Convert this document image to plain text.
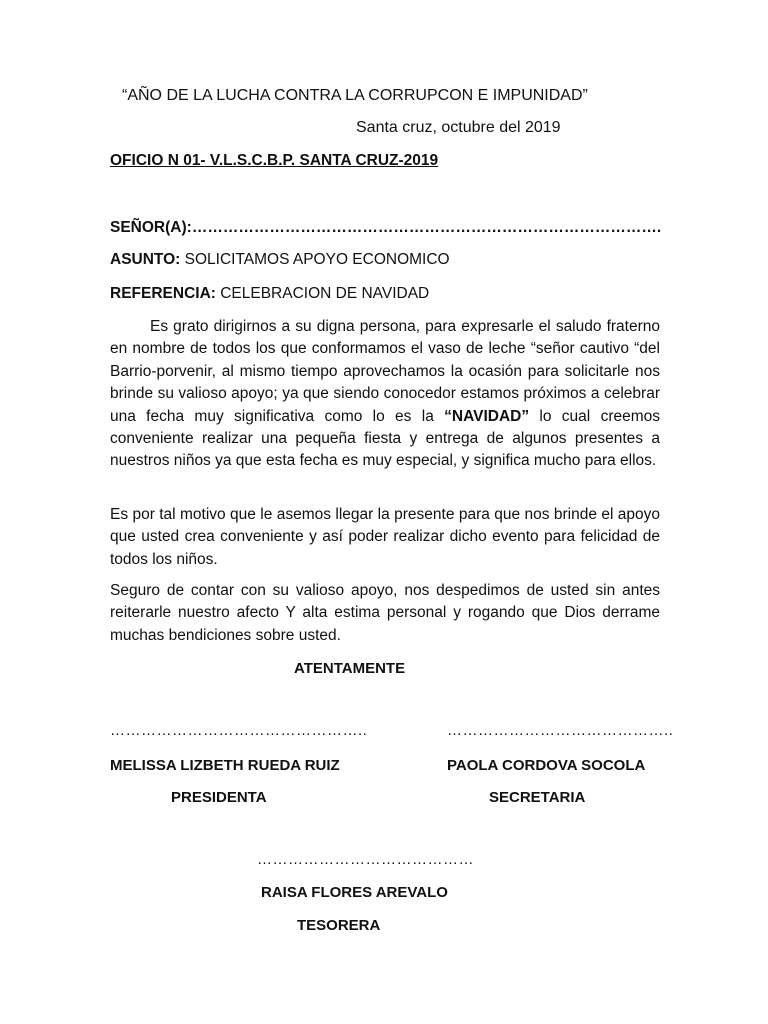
“AÑO DE LA LUCHA CONTRA LA CORRUPCON E IMPUNIDAD”
Santa cruz, octubre del 2019
OFICIO N 01- V.L.S.C.B.P. SANTA CRUZ-2019
SEÑOR(A):……………………………………………………………………………….
ASUNTO: SOLICITAMOS APOYO ECONOMICO
REFERENCIA: CELEBRACION DE NAVIDAD
Es grato dirigirnos a su digna persona, para expresarle el saludo fraterno en nombre de todos los que conformamos el vaso de leche “señor cautivo “del Barrio-porvenir, al mismo tiempo aprovechamos la ocasión para solicitarle nos brinde su valioso apoyo; ya que siendo conocedor estamos próximos a celebrar una fecha muy significativa como lo es la “NAVIDAD” lo cual creemos conveniente realizar una pequeña fiesta y entrega de algunos presentes a nuestros niños ya que esta fecha es muy especial, y significa mucho para ellos.
Es por tal motivo que le asemos llegar la presente para que nos brinde el apoyo que usted crea conveniente y así poder realizar dicho evento para felicidad de todos los niños.
Seguro de contar con su valioso apoyo, nos despedimos de usted sin antes reiterarle nuestro afecto Y alta estima personal y rogando que Dios derrame muchas bendiciones sobre usted.
ATENTAMENTE
…………………………………………..
MELISSA LIZBETH RUEDA RUIZ
PRESIDENTA
……………………………………..
PAOLA CORDOVA SOCOLA
SECRETARIA
……………………………………
RAISA FLORES AREVALO
TESORERA
